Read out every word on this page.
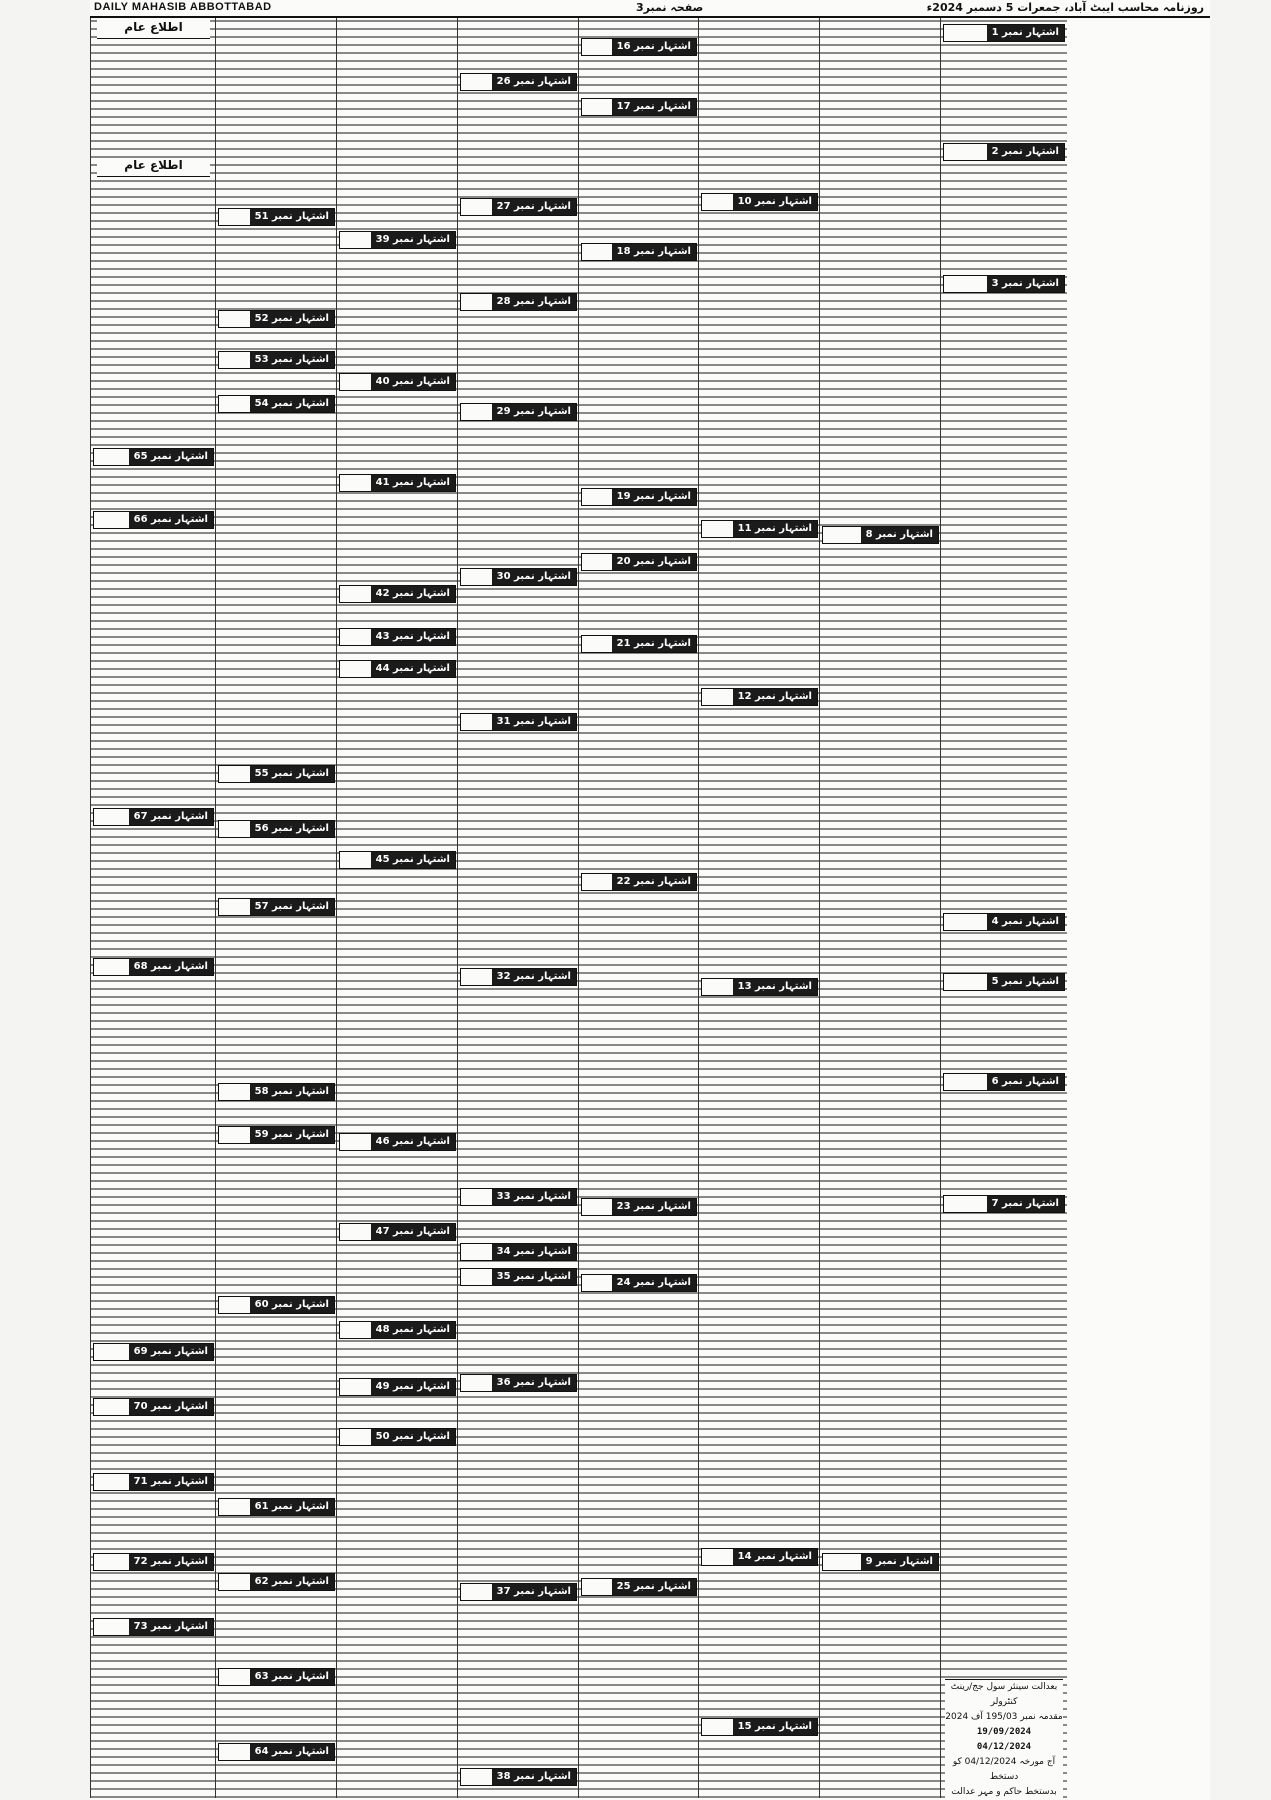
DAILY MAHASIB ABBOTTABAD	صفحہ نمبر3	روزنامہ محاسب ایبٹ آباد، جمعرات 5 دسمبر 2024ء
اطلاع عام
اطلاع عام
اشتہار نمبر 65
اشتہار نمبر 66
اشتہار نمبر 67
اشتہار نمبر 68
اشتہار نمبر 69
اشتہار نمبر 70
اشتہار نمبر 71
اشتہار نمبر 72
اشتہار نمبر 73
اشتہار نمبر 51
اشتہار نمبر 52
اشتہار نمبر 53
اشتہار نمبر 54
اشتہار نمبر 55
اشتہار نمبر 56
اشتہار نمبر 57
اشتہار نمبر 58
اشتہار نمبر 59
اشتہار نمبر 60
اشتہار نمبر 61
اشتہار نمبر 62
اشتہار نمبر 63
اشتہار نمبر 64
اشتہار نمبر 39
اشتہار نمبر 40
اشتہار نمبر 41
اشتہار نمبر 42
اشتہار نمبر 43
اشتہار نمبر 44
اشتہار نمبر 45
اشتہار نمبر 46
اشتہار نمبر 47
اشتہار نمبر 48
اشتہار نمبر 49
اشتہار نمبر 50
اشتہار نمبر 26
اشتہار نمبر 27
اشتہار نمبر 28
اشتہار نمبر 29
اشتہار نمبر 30
اشتہار نمبر 31
اشتہار نمبر 32
اشتہار نمبر 33
اشتہار نمبر 34
اشتہار نمبر 35
اشتہار نمبر 36
اشتہار نمبر 37
اشتہار نمبر 38
اشتہار نمبر 16
اشتہار نمبر 17
اشتہار نمبر 18
اشتہار نمبر 19
اشتہار نمبر 20
اشتہار نمبر 21
اشتہار نمبر 22
اشتہار نمبر 23
اشتہار نمبر 24
اشتہار نمبر 25
اشتہار نمبر 10
اشتہار نمبر 11
اشتہار نمبر 12
اشتہار نمبر 13
اشتہار نمبر 14
اشتہار نمبر 15
اشتہار نمبر 8
اشتہار نمبر 9
بعدالت سینئر سول جج/رینٹ کنٹرولر
مقدمہ نمبر 195/03 آف 2024
19/09/2024
04/12/2024
آج مورخہ 04/12/2024 کو دستخط
بدستخط حاکم و مہر عدالت
اشتہار نمبر 1
اشتہار نمبر 2
اشتہار نمبر 3
اشتہار نمبر 4
اشتہار نمبر 5
اشتہار نمبر 6
اشتہار نمبر 7
